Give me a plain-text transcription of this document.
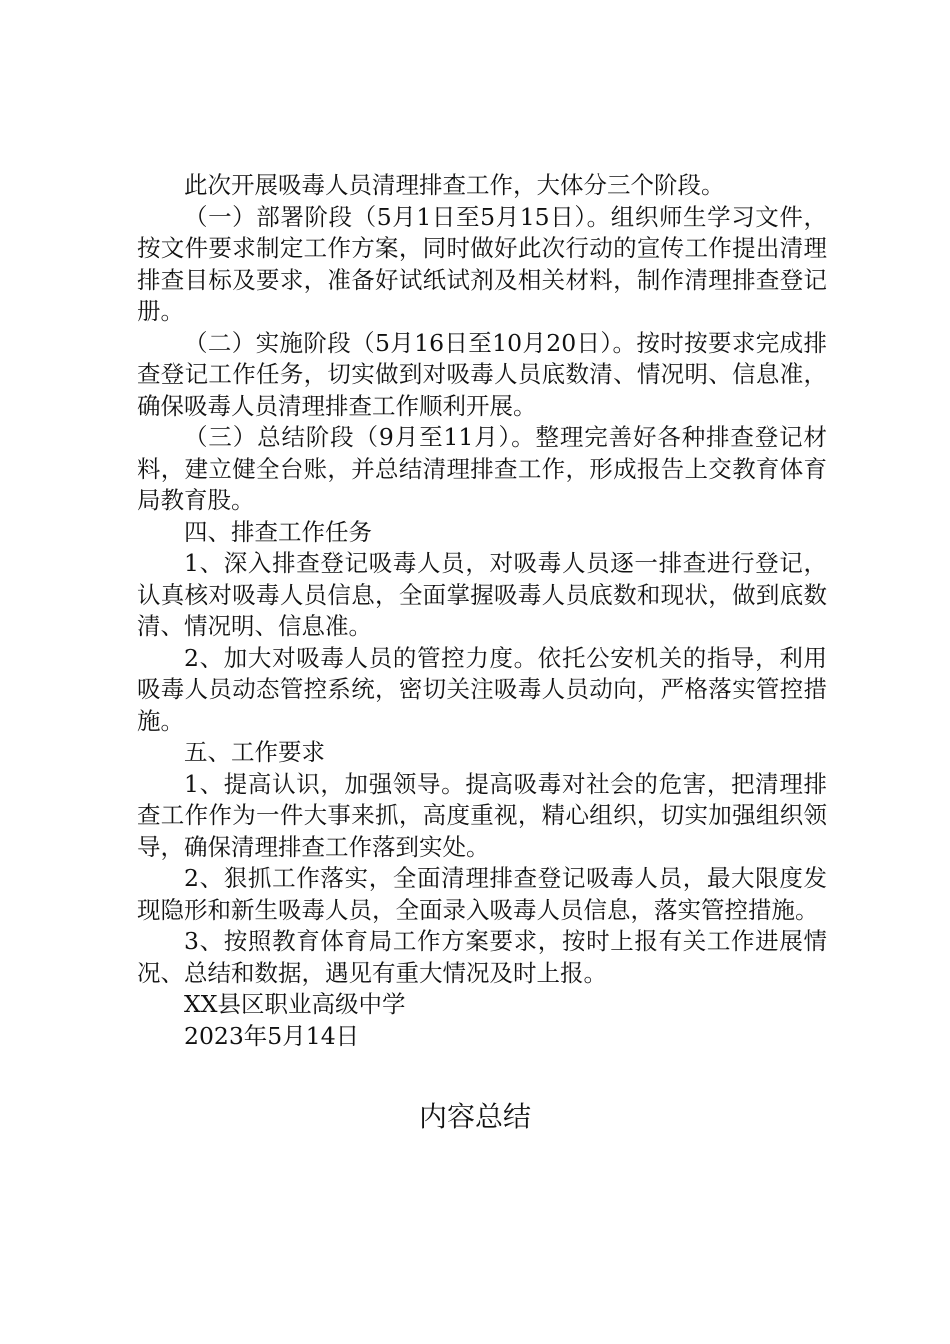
此次开展吸毒人员清理排查工作，大体分三个阶段。

（一）部署阶段（5月1日至5月15日）。组织师生学习文件，按文件要求制定工作方案，同时做好此次行动的宣传工作提出清理排查目标及要求，准备好试纸试剂及相关材料，制作清理排查登记册。

（二）实施阶段（5月16日至10月20日）。按时按要求完成排查登记工作任务，切实做到对吸毒人员底数清、情况明、信息准，确保吸毒人员清理排查工作顺利开展。

（三）总结阶段（9月至11月）。整理完善好各种排查登记材料，建立健全台账，并总结清理排查工作，形成报告上交教育体育局教育股。

四、排查工作任务

1、深入排查登记吸毒人员，对吸毒人员逐一排查进行登记，认真核对吸毒人员信息，全面掌握吸毒人员底数和现状，做到底数清、情况明、信息准。

2、加大对吸毒人员的管控力度。依托公安机关的指导，利用吸毒人员动态管控系统，密切关注吸毒人员动向，严格落实管控措施。

五、工作要求

1、提高认识，加强领导。提高吸毒对社会的危害，把清理排查工作作为一件大事来抓，高度重视，精心组织，切实加强组织领导，确保清理排查工作落到实处。

2、狠抓工作落实，全面清理排查登记吸毒人员，最大限度发现隐形和新生吸毒人员，全面录入吸毒人员信息，落实管控措施。

3、按照教育体育局工作方案要求，按时上报有关工作进展情况、总结和数据，遇见有重大情况及时上报。

XX县区职业高级中学

2023年5月14日

内容总结
